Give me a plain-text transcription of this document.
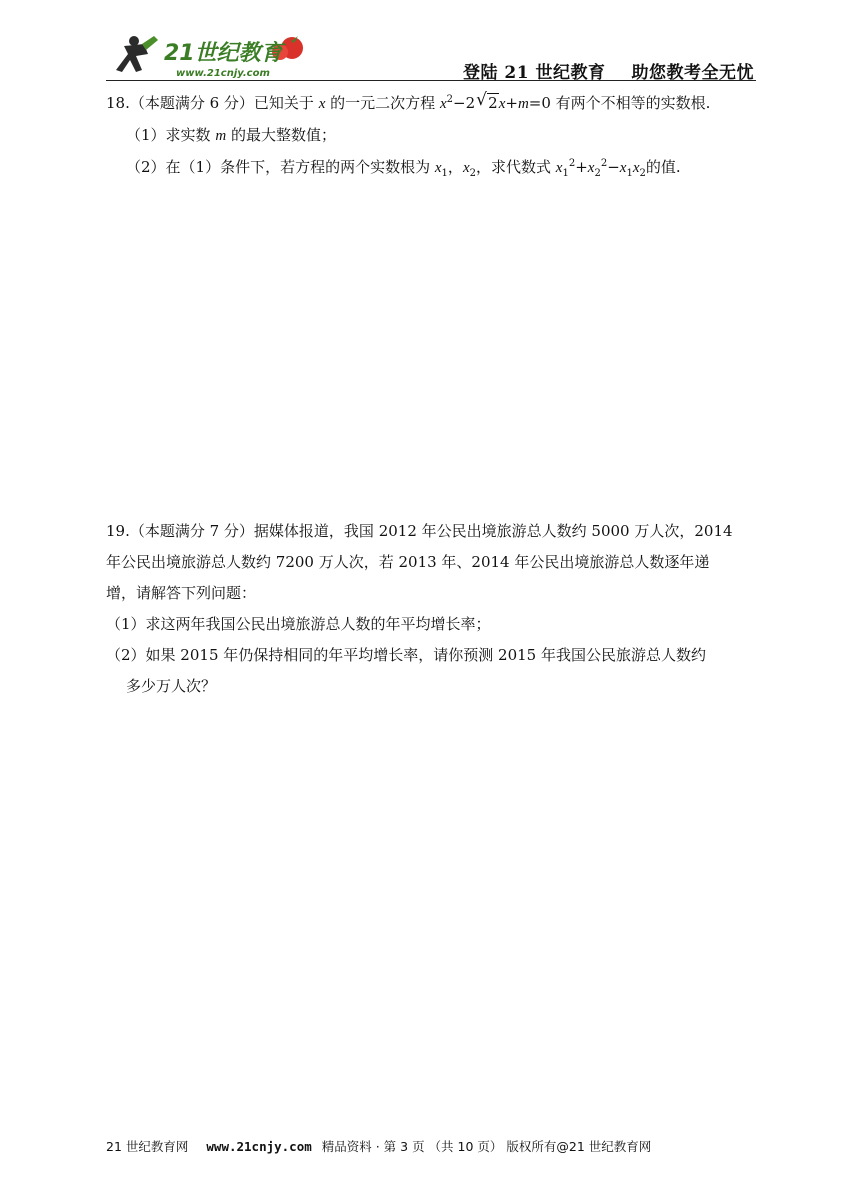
21世纪教育
www.21cnjy.com	登陆 21 世纪教育 助您教考全无忧

18.（本题满分 6 分）已知关于 x 的一元二次方程 $x^2-2√$ 2x+m=0 有两个不相等的实数根.

（1）求实数 m 的最大整数值；

（2）在（1）条件下，若方程的两个实数根为 $x_1$，$x_2$，求代数式 $x_1^2+x_2^2-x_1x_2$的值.

19.（本题满分 7 分）据媒体报道，我国 2012 年公民出境旅游总人数约 5000 万人次，2014

年公民出境旅游总人数约 7200 万人次，若 2013 年、2014 年公民出境旅游总人数逐年递

增，请解答下列问题：

（1）求这两年我国公民出境旅游总人数的年平均增长率；

（2）如果 2015 年仍保持相同的年平均增长率，请你预测 2015 年我国公民旅游总人数约

多少万人次？

21 世纪教育网 www.21cnjy.com 精品资料 · 第 3 页 （共 10 页） 版权所有@21 世纪教育网
